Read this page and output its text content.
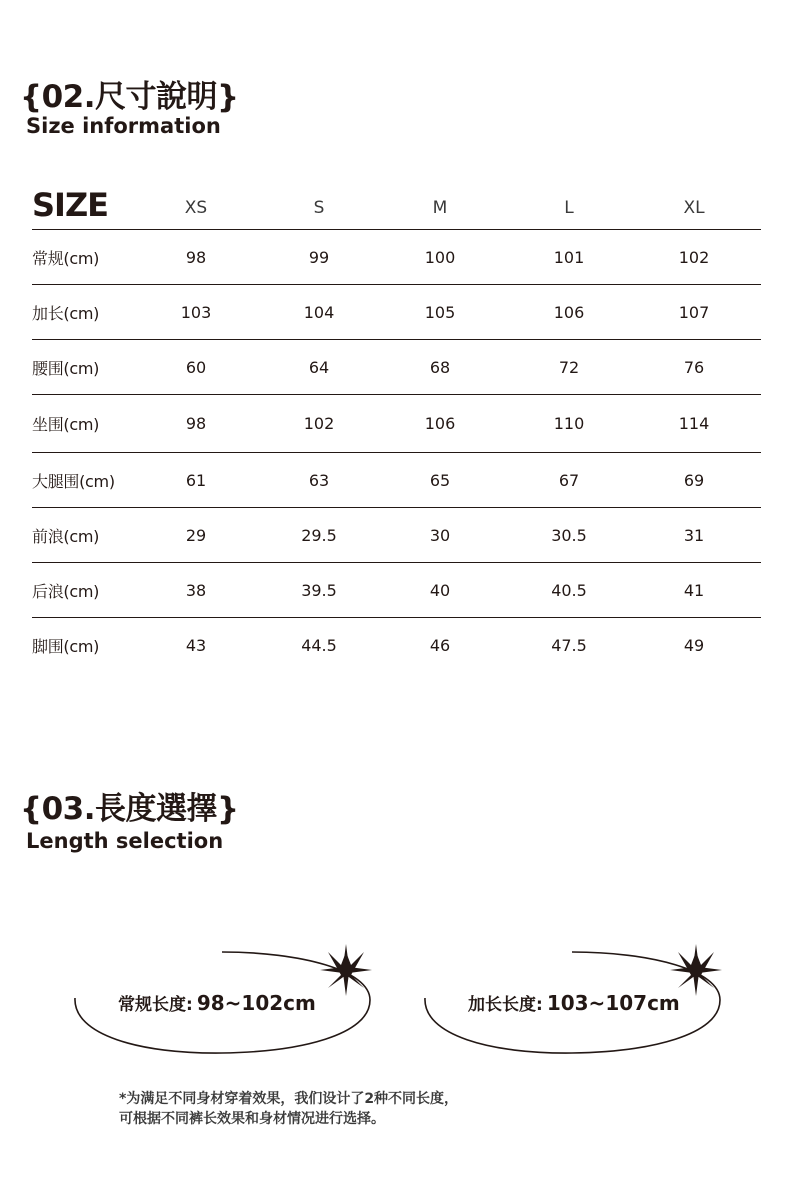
{02.尺寸說明}
Size information
SIZE	XS	S	M	L	XL
常规(cm)	98	99	100	101	102
加长(cm)	103	104	105	106	107
腰围(cm)	60	64	68	72	76
坐围(cm)	98	102	106	110	114
大腿围(cm)	61	63	65	67	69
前浪(cm)	29	29.5	30	30.5	31
后浪(cm)	38	39.5	40	40.5	41
脚围(cm)	43	44.5	46	47.5	49
{03.長度選擇}
Length selection
常规长度: 98~102cm	加长长度: 103~107cm
*为满足不同身材穿着效果，我们设计了2种不同长度，
可根据不同裤长效果和身材情况进行选择。
